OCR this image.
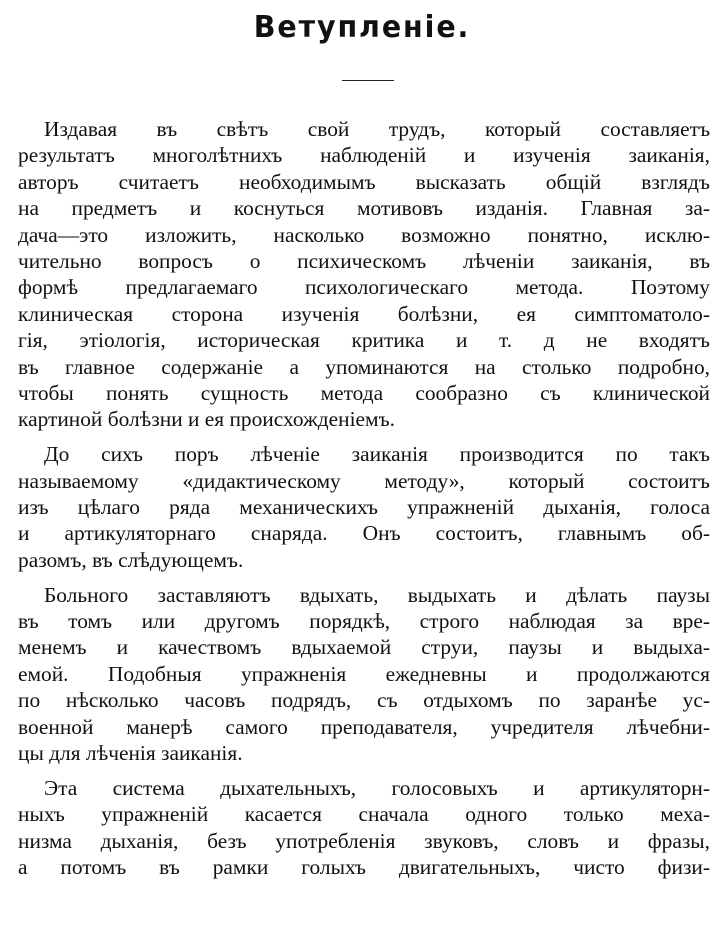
Ветупленіе.

Издавая въ свѣтъ свой трудъ, который составляетъ
результатъ многолѣтнихъ наблюденій и изученія заиканія,
авторъ считаетъ необходимымъ высказать общій взглядъ
на предметъ и коснуться мотивовъ изданія. Главная за-
дача—это изложить, насколько возможно понятно, исклю-
чительно вопросъ о психическомъ лѣченіи заиканія, въ
формѣ предлагаемаго психологическаго метода. Поэтому
клиническая сторона изученія болѣзни, ея симптоматоло-
гія, этіологія, историческая критика и т. д не входятъ
въ главное содержаніе а упоминаются на столько подробно,
чтобы понять сущность метода сообразно съ клинической
картиной болѣзни и ея происхожденіемъ.

До сихъ поръ лѣченіе заиканія производится по такъ
называемому «дидактическому методу», который состоитъ
изъ цѣлаго ряда механическихъ упражненій дыханія, голоса
и артикуляторнаго снаряда. Онъ состоитъ, главнымъ об-
разомъ, въ слѣдующемъ.

Больного заставляютъ вдыхать, выдыхать и дѣлать паузы
въ томъ или другомъ порядкѣ, строго наблюдая за вре-
менемъ и качествомъ вдыхаемой струи, паузы и выдыха-
емой. Подобныя упражненія ежедневны и продолжаются
по нѣсколько часовъ подрядъ, съ отдыхомъ по заранѣе ус-
военной манерѣ самого преподавателя, учредителя лѣчебни-
цы для лѣченія заиканія.

Эта система дыхательныхъ, голосовыхъ и артикуляторн-
ныхъ упражненій касается сначала одного только меха-
низма дыханія, безъ употребленія звуковъ, словъ и фразы,
а потомъ въ рамки голыхъ двигательныхъ, чисто физи-
